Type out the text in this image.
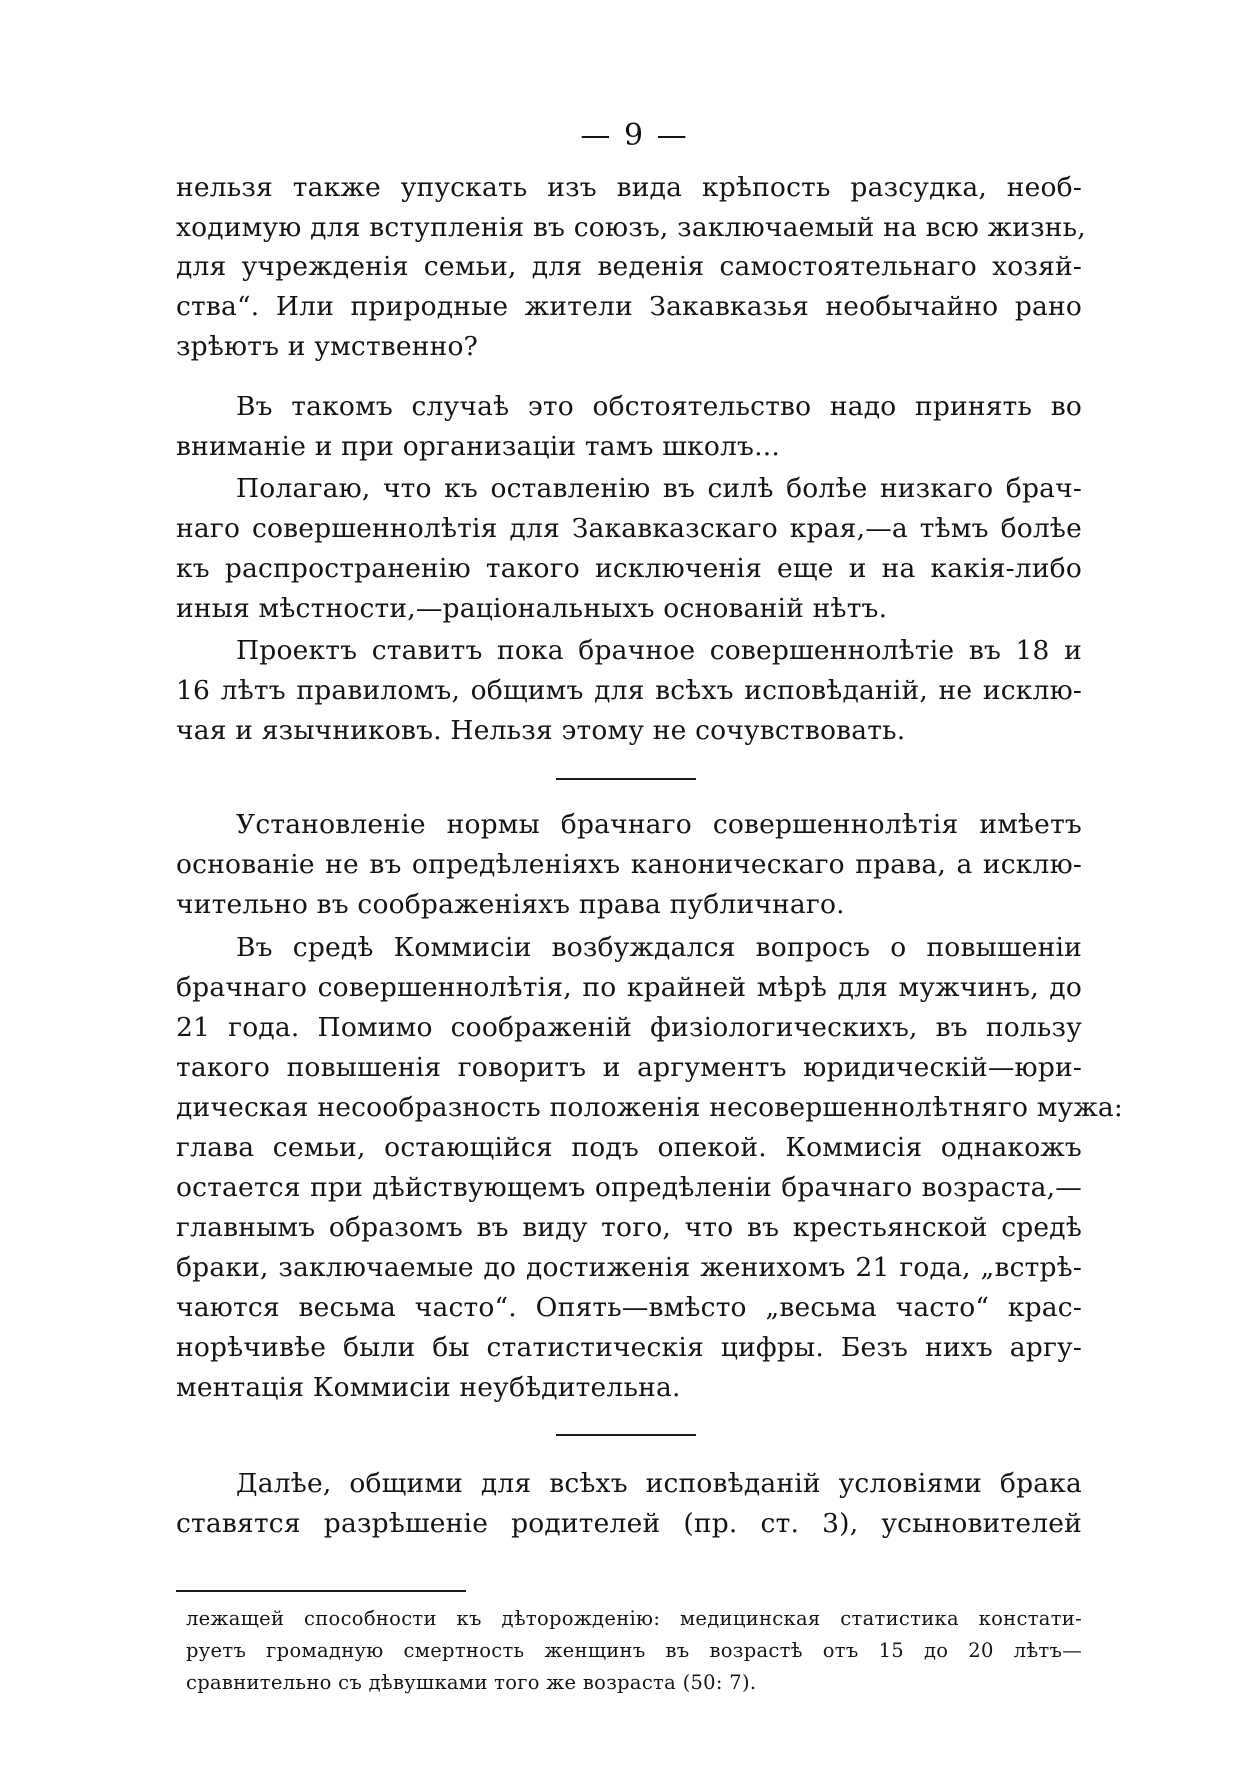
— 9 —
нельзя также упускать изъ вида крѣпость разсудка, необ-
ходимую для вступленія въ союзъ, заключаемый на всю жизнь,
для учрежденія семьи, для веденія самостоятельнаго хозяй-
ства“. Или природные жители Закавказья необычайно рано
зрѣютъ и умственно?
Въ такомъ случаѣ это обстоятельство надо принять во
вниманіе и при организаціи тамъ школъ...
Полагаю, что къ оставленію въ силѣ болѣе низкаго брач-
наго совершеннолѣтія для Закавказскаго края,—а тѣмъ болѣе
къ распространенію такого исключенія еще и на какія-либо
иныя мѣстности,—раціональныхъ основаній нѣтъ.
Проектъ ставитъ пока брачное совершеннолѣтіе въ 18 и
16 лѣтъ правиломъ, общимъ для всѣхъ исповѣданій, не исклю-
чая и язычниковъ. Нельзя этому не сочувствовать.
Установленіе нормы брачнаго совершеннолѣтія имѣетъ
основаніе не въ опредѣленіяхъ каноническаго права, а исклю-
чительно въ соображеніяхъ права публичнаго.
Въ средѣ Коммисіи возбуждался вопросъ о повышеніи
брачнаго совершеннолѣтія, по крайней мѣрѣ для мужчинъ, до
21 года. Помимо соображеній физіологическихъ, въ пользу
такого повышенія говоритъ и аргументъ юридическій—юри-
дическая несообразность положенія несовершеннолѣтняго мужа:
глава семьи, остающійся подъ опекой. Коммисія однакожъ
остается при дѣйствующемъ опредѣленіи брачнаго возраста,—
главнымъ образомъ въ виду того, что въ крестьянской средѣ
браки, заключаемые до достиженія женихомъ 21 года, „встрѣ-
чаются весьма часто“. Опять—вмѣсто „весьма часто“ крас-
норѣчивѣе были бы статистическія цифры. Безъ нихъ аргу-
ментація Коммисіи неубѣдительна.
Далѣе, общими для всѣхъ исповѣданій условіями брака
ставятся разрѣшеніе родителей (пр. ст. 3), усыновителей
лежащей способности къ дѣторожденію: медицинская статистика констати-
руетъ громадную смертность женщинъ въ возрастѣ отъ 15 до 20 лѣтъ—
сравнительно съ дѣвушками того же возраста (50: 7).
